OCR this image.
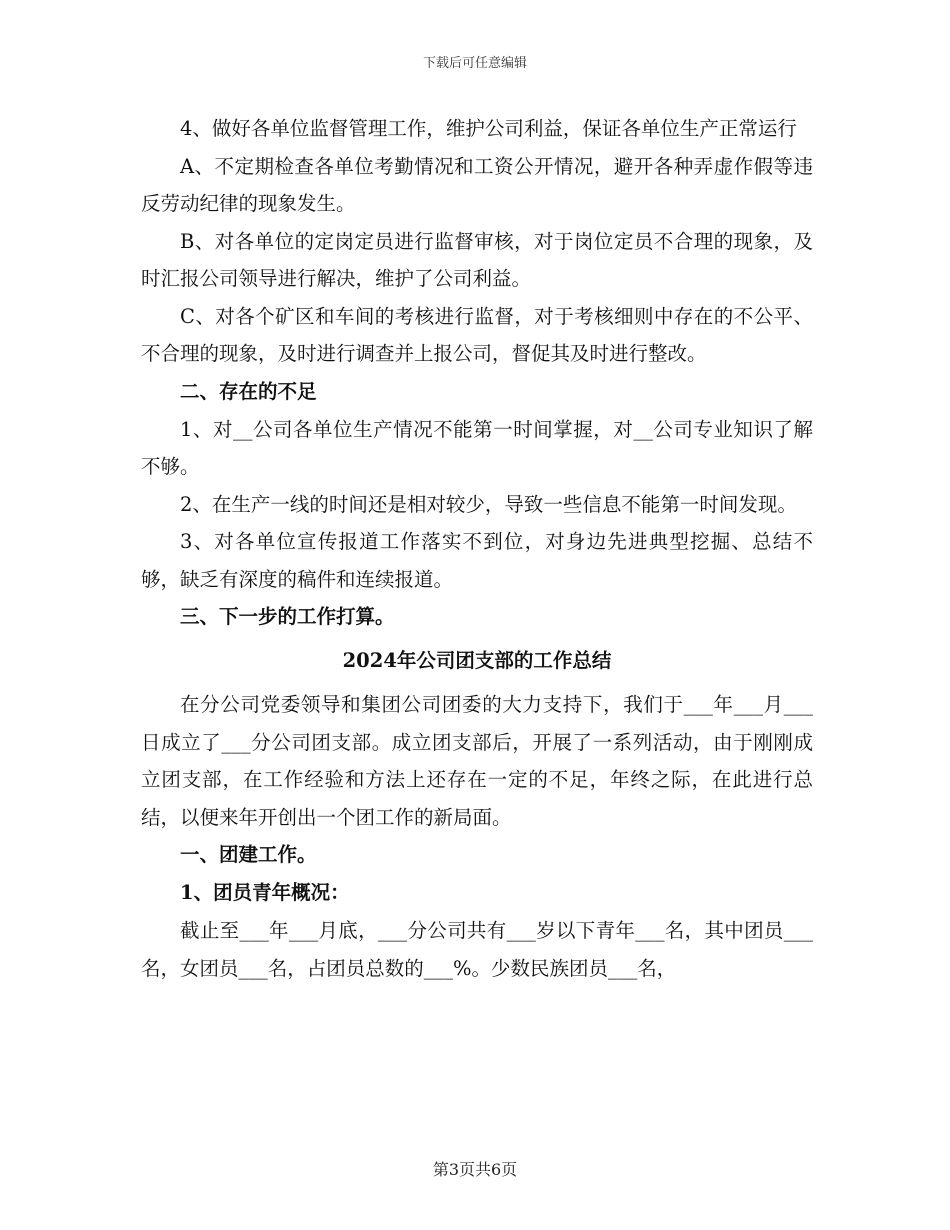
下载后可任意编辑

4、做好各单位监督管理工作，维护公司利益，保证各单位生产正常运行

A、不定期检查各单位考勤情况和工资公开情况，避开各种弄虚作假等违反劳动纪律的现象发生。

B、对各单位的定岗定员进行监督审核，对于岗位定员不合理的现象，及时汇报公司领导进行解决，维护了公司利益。

C、对各个矿区和车间的考核进行监督，对于考核细则中存在的不公平、不合理的现象，及时进行调查并上报公司，督促其及时进行整改。

二、存在的不足

1、对__公司各单位生产情况不能第一时间掌握，对__公司专业知识了解不够。

2、在生产一线的时间还是相对较少，导致一些信息不能第一时间发现。

3、对各单位宣传报道工作落实不到位，对身边先进典型挖掘、总结不够，缺乏有深度的稿件和连续报道。

三、下一步的工作打算。

2024年公司团支部的工作总结

在分公司党委领导和集团公司团委的大力支持下，我们于___年___月___日成立了___分公司团支部。成立团支部后，开展了一系列活动，由于刚刚成立团支部，在工作经验和方法上还存在一定的不足，年终之际，在此进行总结，以便来年开创出一个团工作的新局面。

一、团建工作。

1、团员青年概况：

截止至___年___月底，___分公司共有___岁以下青年___名，其中团员___名，女团员___名，占团员总数的___%。少数民族团员___名，

第3页共6页
